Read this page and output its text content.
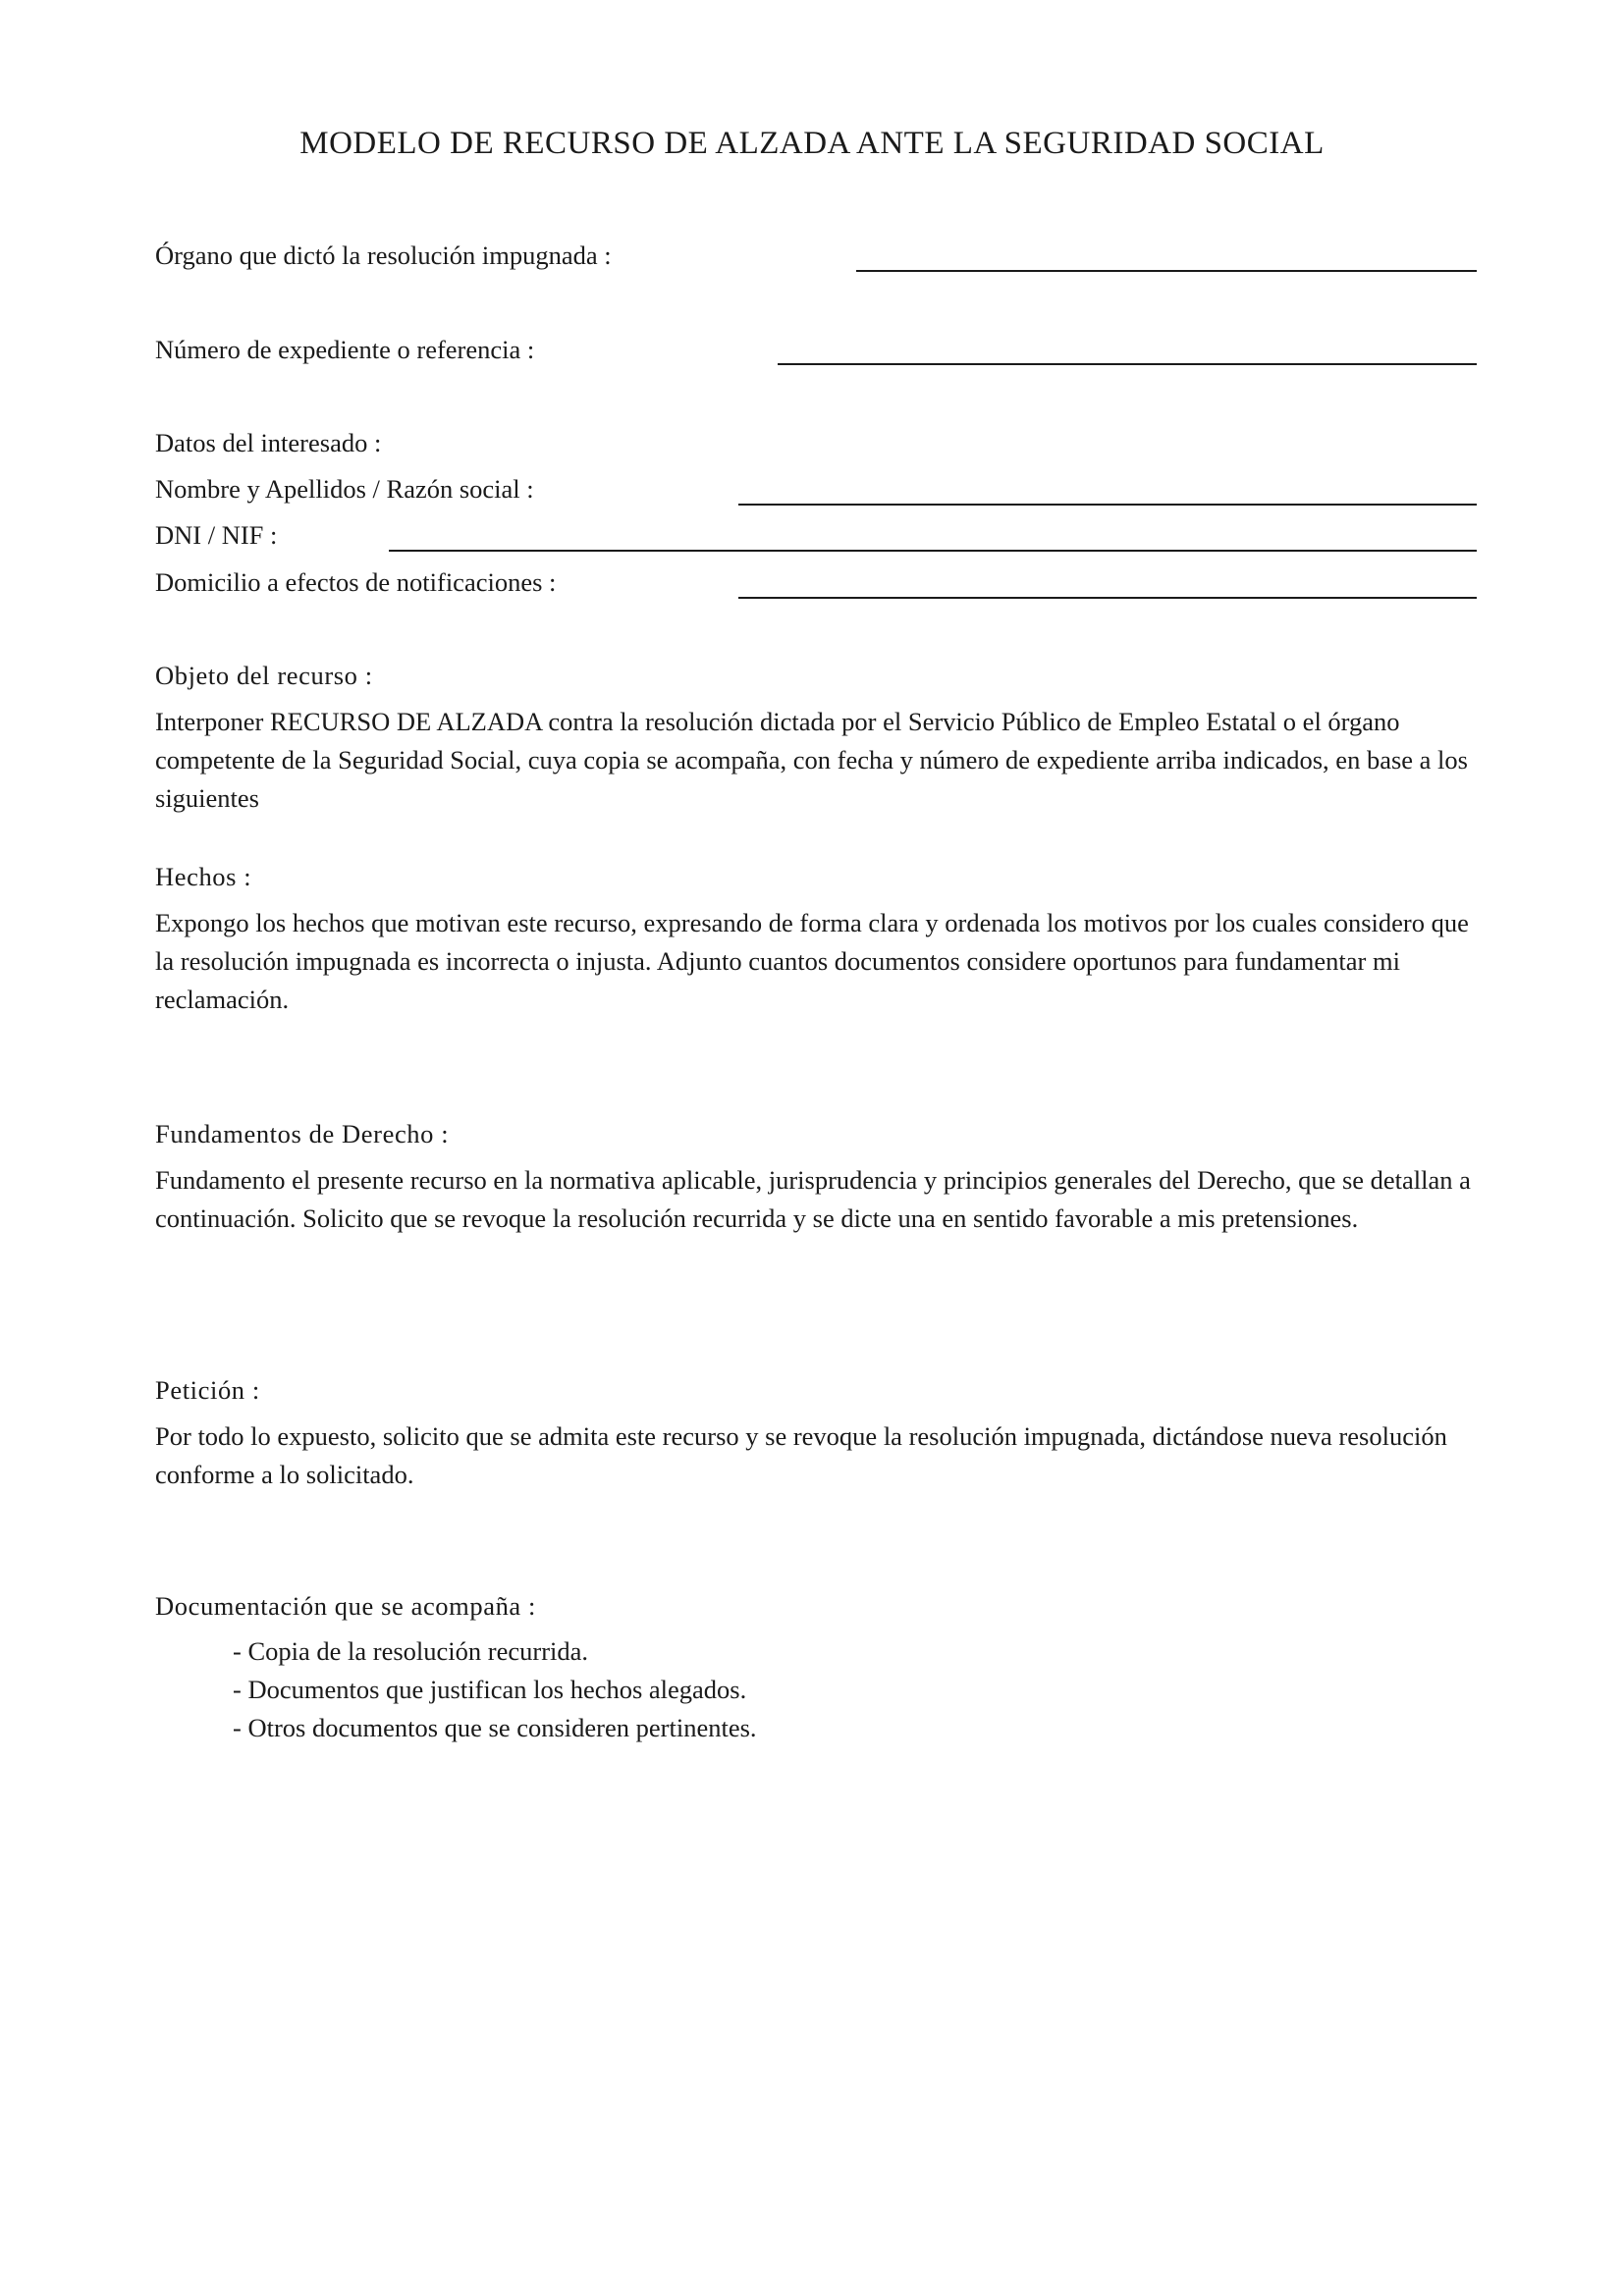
MODELO DE RECURSO DE ALZADA ANTE LA SEGURIDAD SOCIAL
Órgano que dictó la resolución impugnada :
Número de expediente o referencia :
Datos del interesado :
Nombre y Apellidos / Razón social :
DNI / NIF :
Domicilio a efectos de notificaciones :
Objeto del recurso :

Interponer RECURSO DE ALZADA contra la resolución dictada por el Servicio Público de Empleo Estatal o el órgano competente de la Seguridad Social, cuya copia se acompaña, con fecha y número de expediente arriba indicados, en base a los siguientes

Hechos :

Expongo los hechos que motivan este recurso, expresando de forma clara y ordenada los motivos por los cuales considero que la resolución impugnada es incorrecta o injusta. Adjunto cuantos documentos considere oportunos para fundamentar mi reclamación.

Fundamentos de Derecho :

Fundamento el presente recurso en la normativa aplicable, jurisprudencia y principios generales del Derecho, que se detallan a continuación. Solicito que se revoque la resolución recurrida y se dicte una en sentido favorable a mis pretensiones.

Petición :

Por todo lo expuesto, solicito que se admita este recurso y se revoque la resolución impugnada, dictándose nueva resolución conforme a lo solicitado.

Documentación que se acompaña :
- Copia de la resolución recurrida.
- Documentos que justifican los hechos alegados.
- Otros documentos que se consideren pertinentes.
